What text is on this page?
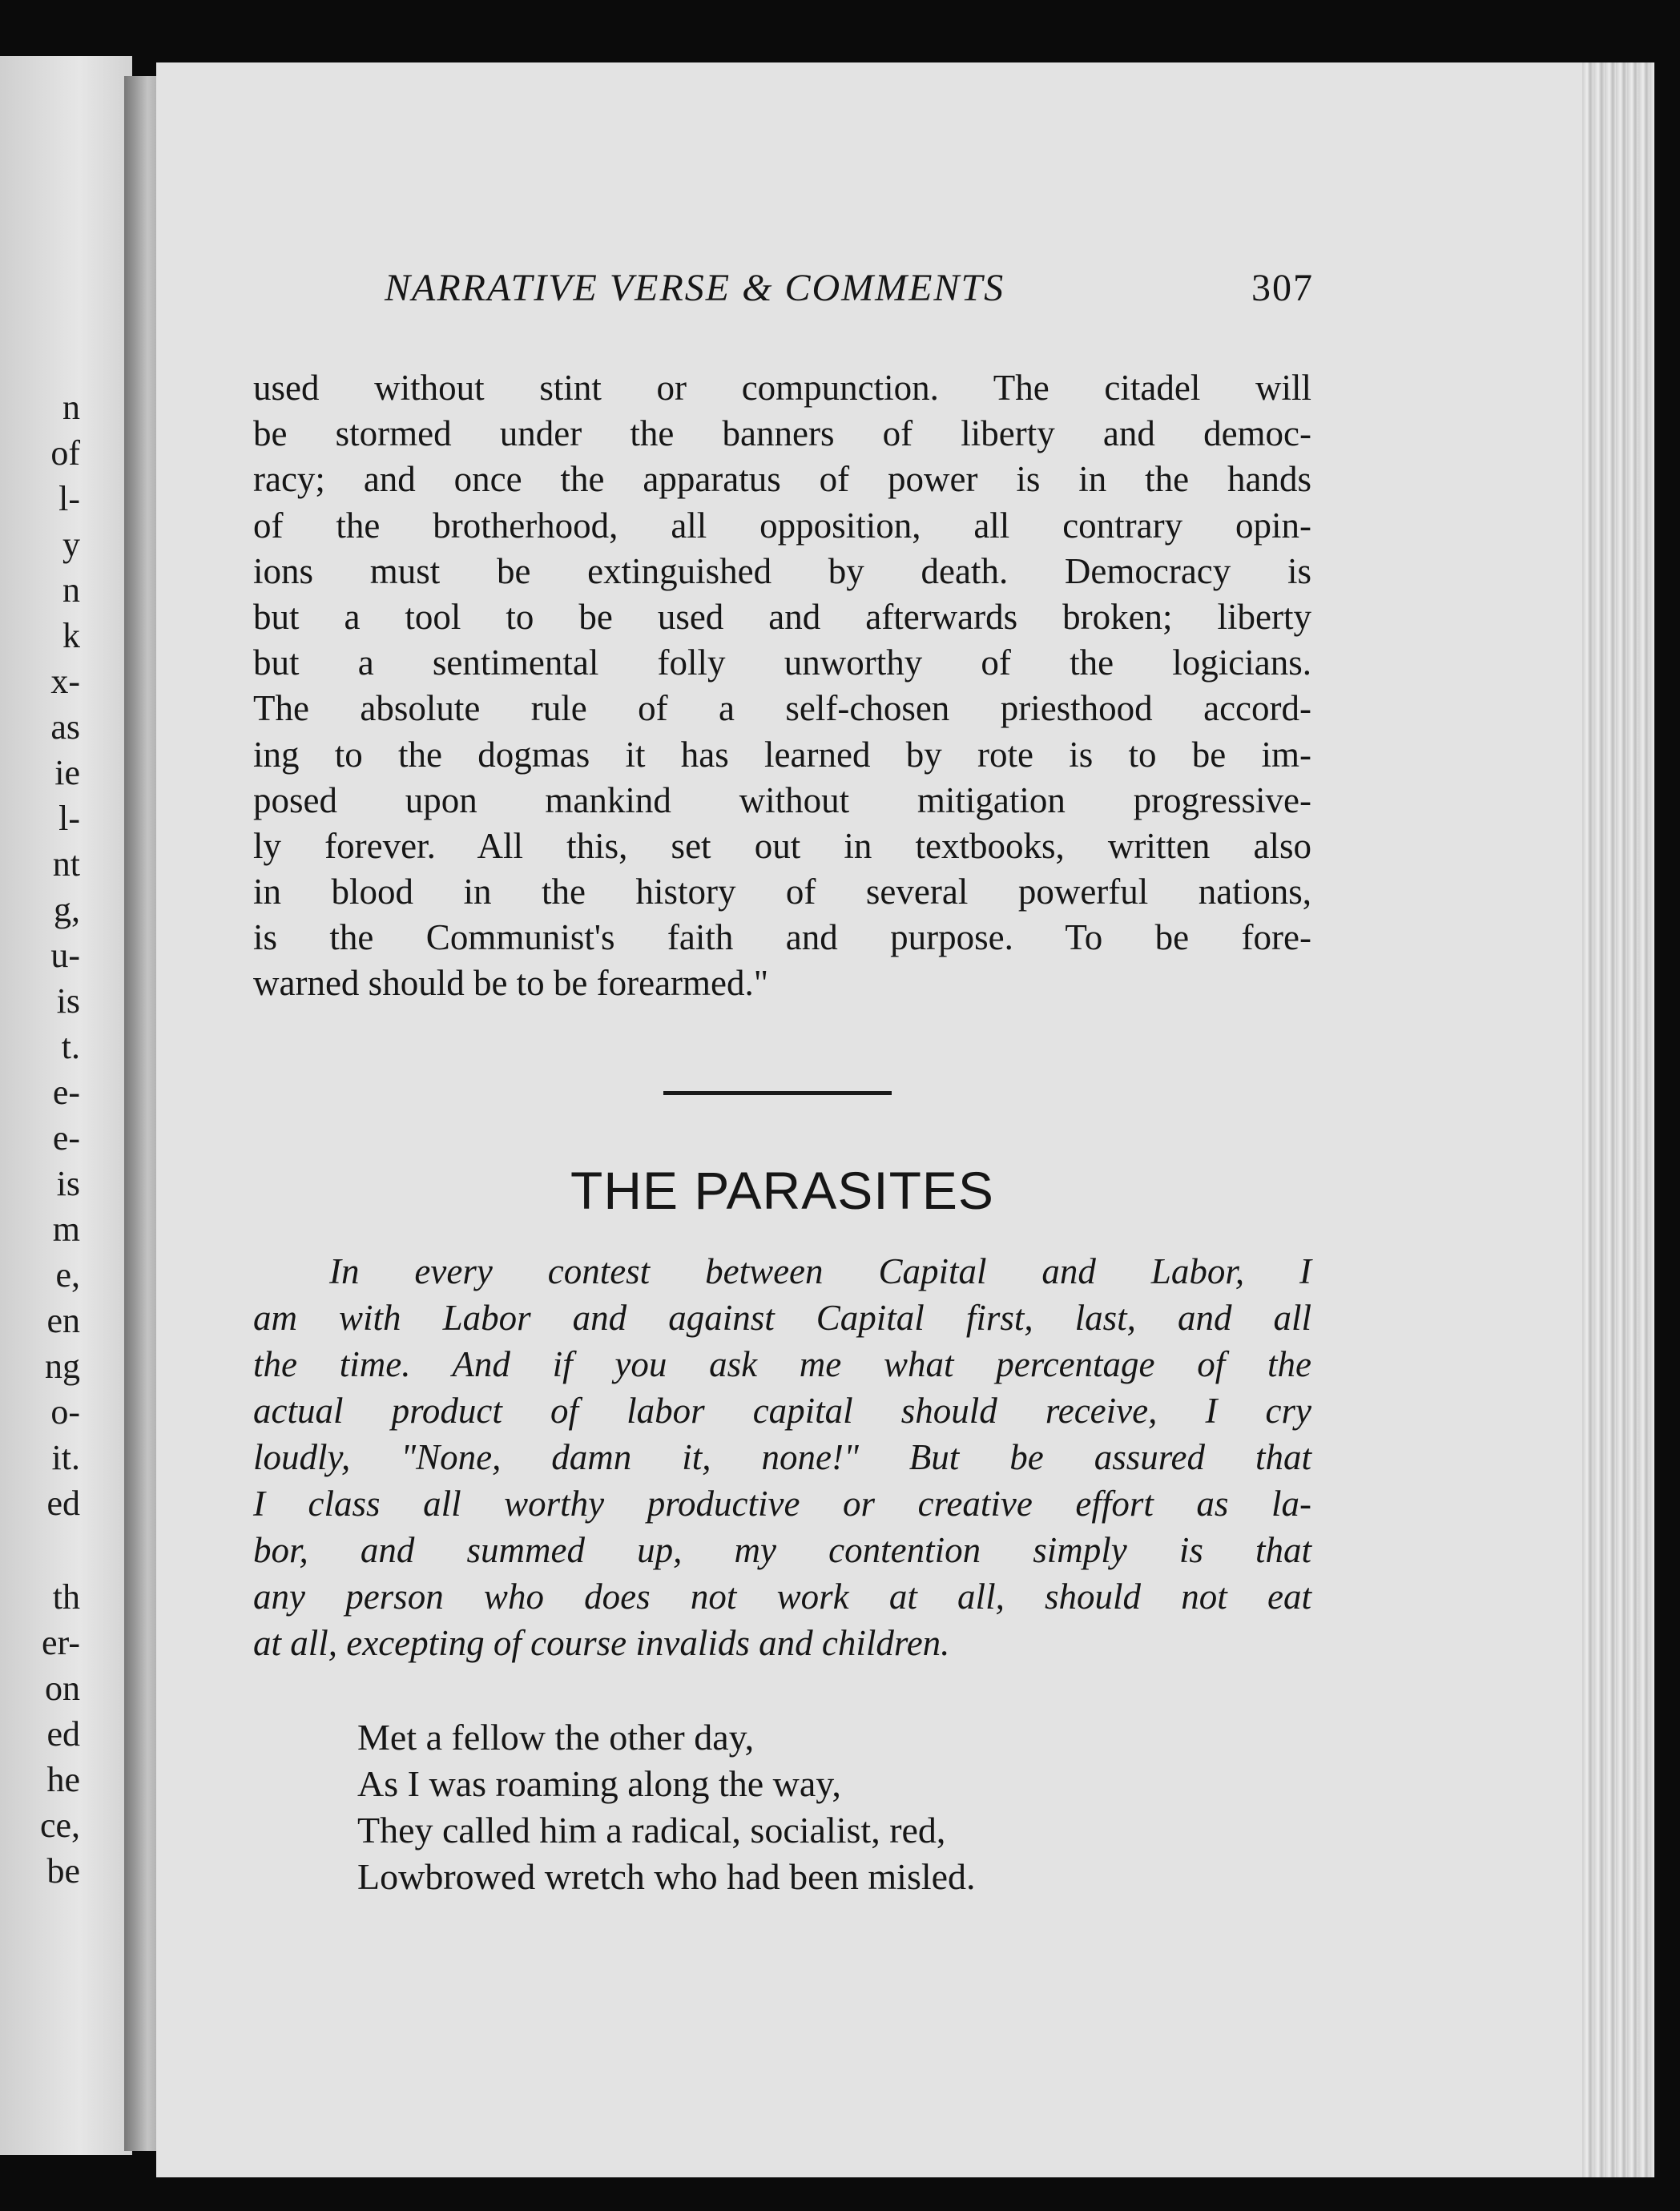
n
of
l-
y
n
k
x-
as
ie
l-
nt
g,
u-
is
t.
e-
e-
is
m
e,
en
ng
o-
it.
ed
th
er-
on
ed
he
ce,
be
NARRATIVE VERSE & COMMENTS	307
used without stint or compunction. The citadel will
be stormed under the banners of liberty and democ-
racy; and once the apparatus of power is in the hands
of the brotherhood, all opposition, all contrary opin-
ions must be extinguished by death. Democracy is
but a tool to be used and afterwards broken; liberty
but a sentimental folly unworthy of the logicians.
The absolute rule of a self-chosen priesthood accord-
ing to the dogmas it has learned by rote is to be im-
posed upon mankind without mitigation progressive-
ly forever. All this, set out in textbooks, written also
in blood in the history of several powerful nations,
is the Communist's faith and purpose. To be fore-
warned should be to be forearmed."
THE PARASITES
In every contest between Capital and Labor, I
am with Labor and against Capital first, last, and all
the time. And if you ask me what percentage of the
actual product of labor capital should receive, I cry
loudly, "None, damn it, none!" But be assured that
I class all worthy productive or creative effort as la-
bor, and summed up, my contention simply is that
any person who does not work at all, should not eat
at all, excepting of course invalids and children.
Met a fellow the other day,
As I was roaming along the way,
They called him a radical, socialist, red,
Lowbrowed wretch who had been misled.
